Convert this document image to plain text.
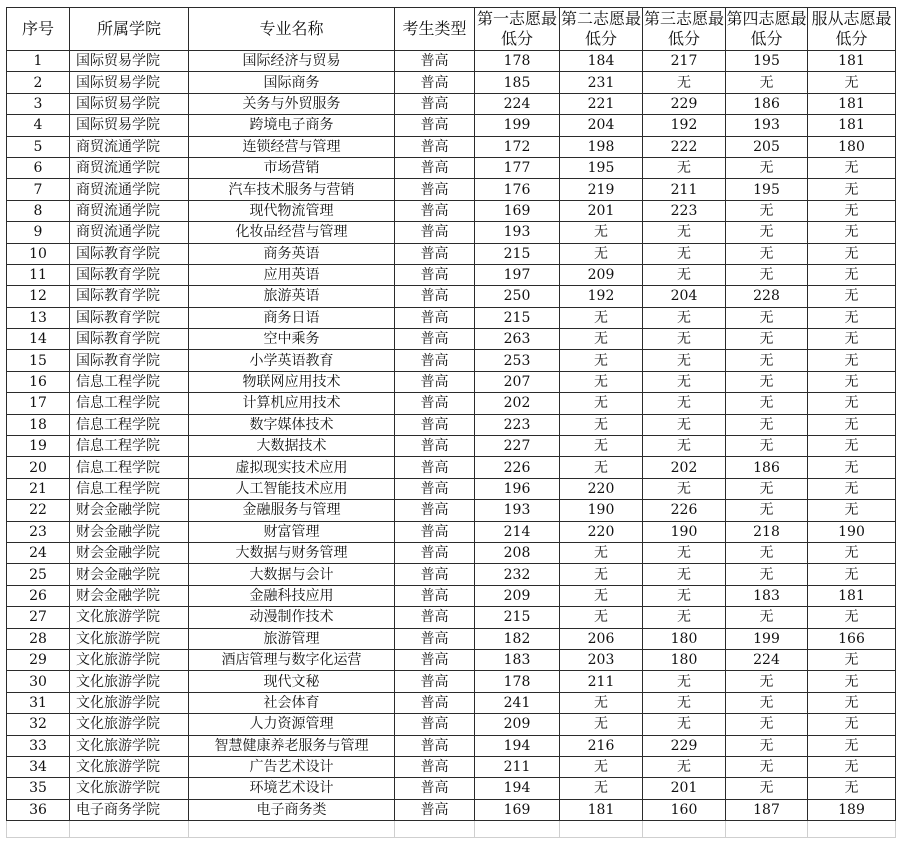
序号	所属学院	专业名称	考生类型	第一志愿最低分	第二志愿最低分	第三志愿最低分	第四志愿最低分	服从志愿最低分
1	国际贸易学院	国际经济与贸易	普高	178	184	217	195	181
2	国际贸易学院	国际商务	普高	185	231	无	无	无
3	国际贸易学院	关务与外贸服务	普高	224	221	229	186	181
4	国际贸易学院	跨境电子商务	普高	199	204	192	193	181
5	商贸流通学院	连锁经营与管理	普高	172	198	222	205	180
6	商贸流通学院	市场营销	普高	177	195	无	无	无
7	商贸流通学院	汽车技术服务与营销	普高	176	219	211	195	无
8	商贸流通学院	现代物流管理	普高	169	201	223	无	无
9	商贸流通学院	化妆品经营与管理	普高	193	无	无	无	无
10	国际教育学院	商务英语	普高	215	无	无	无	无
11	国际教育学院	应用英语	普高	197	209	无	无	无
12	国际教育学院	旅游英语	普高	250	192	204	228	无
13	国际教育学院	商务日语	普高	215	无	无	无	无
14	国际教育学院	空中乘务	普高	263	无	无	无	无
15	国际教育学院	小学英语教育	普高	253	无	无	无	无
16	信息工程学院	物联网应用技术	普高	207	无	无	无	无
17	信息工程学院	计算机应用技术	普高	202	无	无	无	无
18	信息工程学院	数字媒体技术	普高	223	无	无	无	无
19	信息工程学院	大数据技术	普高	227	无	无	无	无
20	信息工程学院	虚拟现实技术应用	普高	226	无	202	186	无
21	信息工程学院	人工智能技术应用	普高	196	220	无	无	无
22	财会金融学院	金融服务与管理	普高	193	190	226	无	无
23	财会金融学院	财富管理	普高	214	220	190	218	190
24	财会金融学院	大数据与财务管理	普高	208	无	无	无	无
25	财会金融学院	大数据与会计	普高	232	无	无	无	无
26	财会金融学院	金融科技应用	普高	209	无	无	183	181
27	文化旅游学院	动漫制作技术	普高	215	无	无	无	无
28	文化旅游学院	旅游管理	普高	182	206	180	199	166
29	文化旅游学院	酒店管理与数字化运营	普高	183	203	180	224	无
30	文化旅游学院	现代文秘	普高	178	211	无	无	无
31	文化旅游学院	社会体育	普高	241	无	无	无	无
32	文化旅游学院	人力资源管理	普高	209	无	无	无	无
33	文化旅游学院	智慧健康养老服务与管理	普高	194	216	229	无	无
34	文化旅游学院	广告艺术设计	普高	211	无	无	无	无
35	文化旅游学院	环境艺术设计	普高	194	无	201	无	无
36	电子商务学院	电子商务类	普高	169	181	160	187	189
